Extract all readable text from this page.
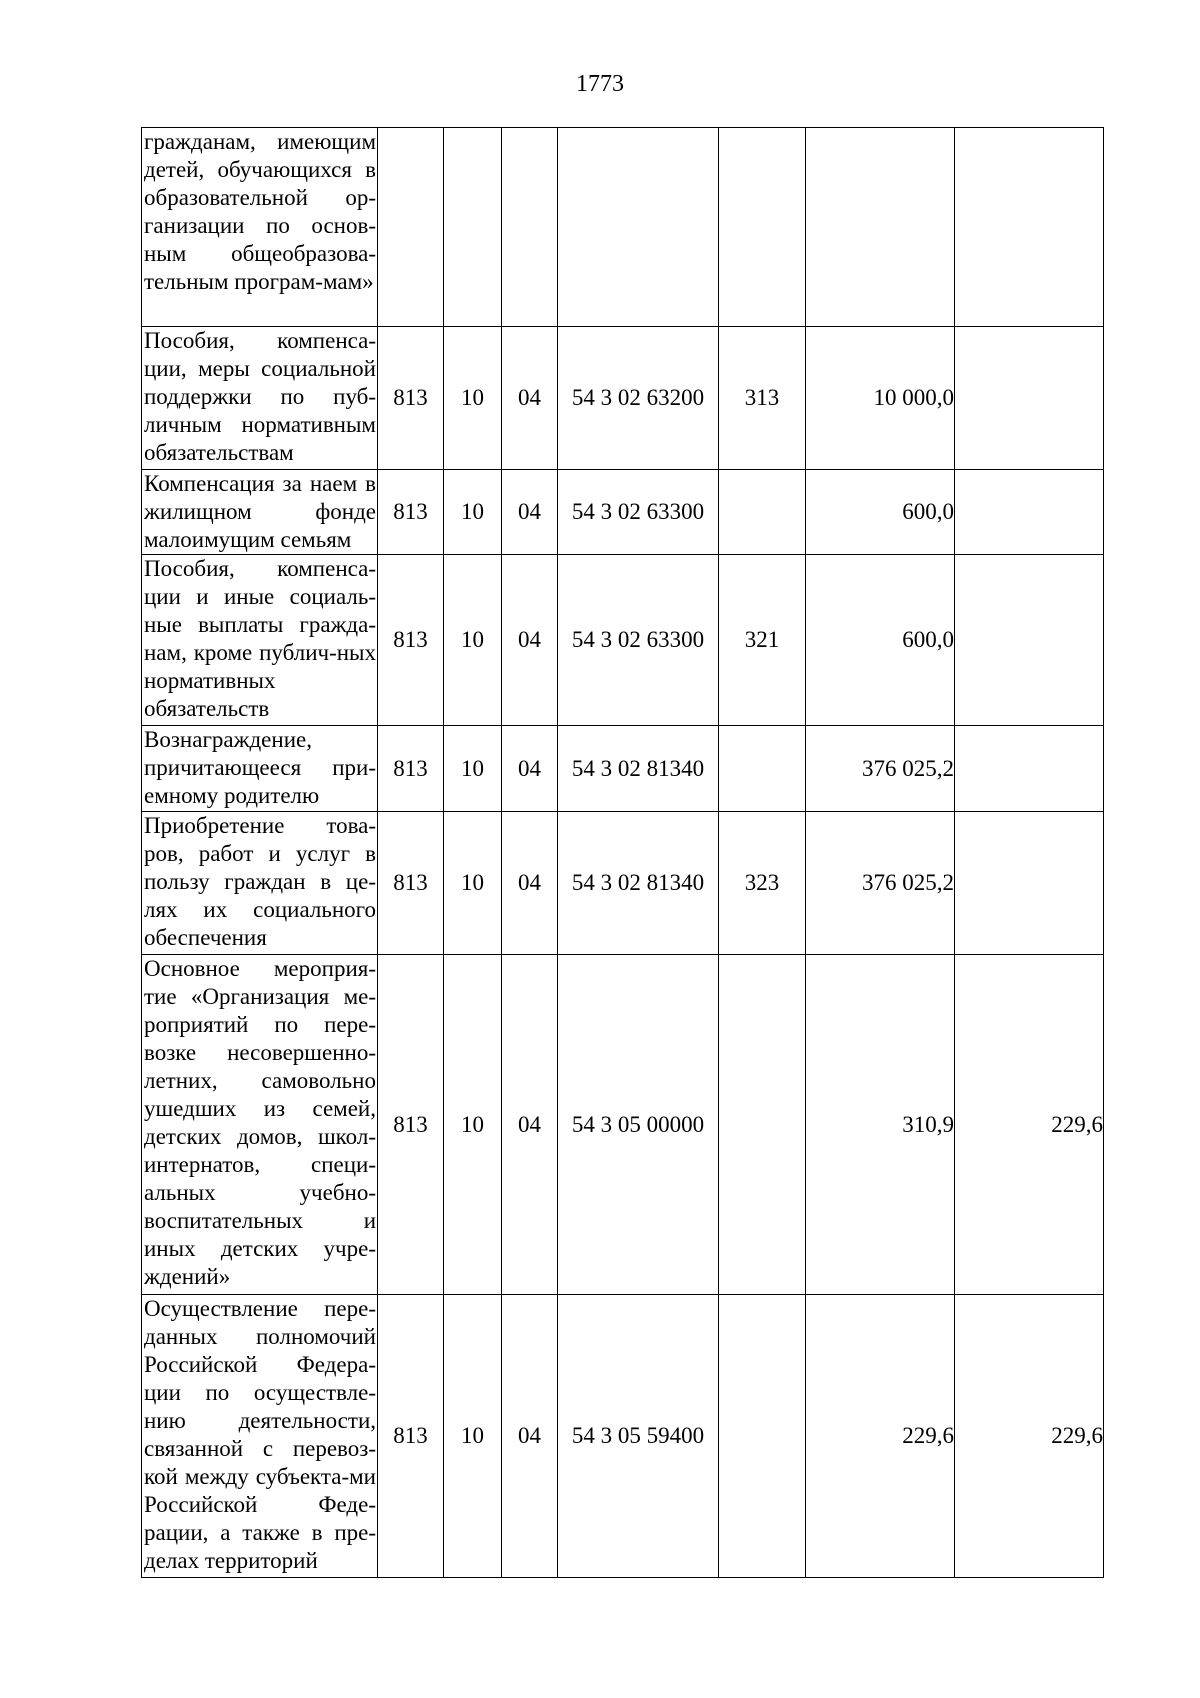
1773
гражданам, имеющим детей, обучающихся в образовательной ор-ганизации по основ-ным общеобразова-тельным програм-мам»							
Пособия, компенса-ции, меры социальной поддержки по пуб-личным нормативным обязательствам	813	10	04	54 3 02 63200	313	10 000,0	
Компенсация за наем в жилищном фонде малоимущим семьям	813	10	04	54 3 02 63300		600,0	
Пособия, компенса-ции и иные социаль-ные выплаты гражда-нам, кроме публич-ных нормативных обязательств	813	10	04	54 3 02 63300	321	600,0	
Вознаграждение, причитающееся при-емному родителю	813	10	04	54 3 02 81340		376 025,2	
Приобретение това-ров, работ и услуг в пользу граждан в це-лях их социального обеспечения	813	10	04	54 3 02 81340	323	376 025,2	
Основное мероприя-тие «Организация ме-роприятий по пере-возке несовершенно-летних, самовольно ушедших из семей, детских домов, школ-интернатов, специ-альных учебно-воспитательных и иных детских учре-ждений»	813	10	04	54 3 05 00000		310,9	229,6
Осуществление пере-данных полномочий Российской Федера-ции по осуществле-нию деятельности, связанной с перевоз-кой между субъекта-ми Российской Феде-рации, а также в пре-делах территорий	813	10	04	54 3 05 59400		229,6	229,6
